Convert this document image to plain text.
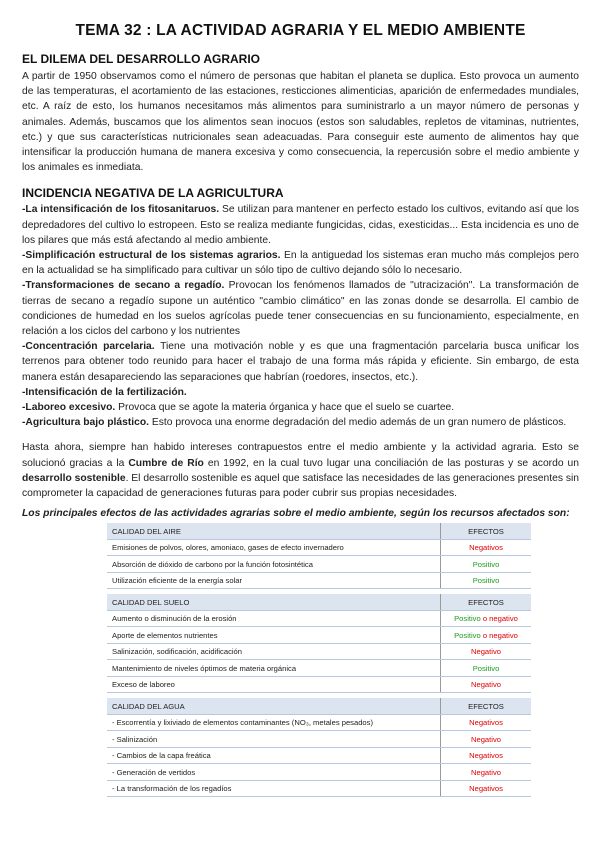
TEMA 32 : LA ACTIVIDAD AGRARIA Y EL MEDIO AMBIENTE
EL DILEMA DEL DESARROLLO AGRARIO

A partir de 1950 observamos como el número de personas que habitan el planeta se duplica. Esto provoca un aumento de las temperaturas, el acortamiento de las estaciones, resticciones alimenticias, aparición de enfermedades mundiales, etc. A raíz de esto, los humanos necesitamos más alimentos para suministrarlo a un mayor número de personas y animales. Además, buscamos que los alimentos sean inocuos (estos son saludables, repletos de vitaminas, nutrientes, etc.) y que sus características nutricionales sean adeacuadas. Para conseguir este aumento de alimentos hay que intensificar la producción humana de manera excesiva y como consecuencia, la repercusión sobre el medio ambiente y los animales es inmediata.

INCIDENCIA NEGATIVA DE LA AGRICULTURA

-La intensificación de los fitosanitaruos. Se utilizan para mantener en perfecto estado los cultivos, evitando así que los depredadores del cultivo lo estropeen. Esto se realiza mediante fungicidas, cidas, exesticidas... Esta incidencia es uno de los pilares que más está afectando al medio ambiente.

-Simplificación estructural de los sistemas agrarios. En la antiguedad los sistemas eran mucho más complejos pero en la actualidad se ha simplificado para cultivar un sólo tipo de cultivo dejando sólo lo necesario.

-Transformaciones de secano a regadío. Provocan los fenómenos llamados de "utracización". La transformación de tierras de secano a regadío supone un auténtico "cambio climático" en las zonas donde se desarrolla. El cambio de condiciones de humedad en los suelos agrícolas puede tener consecuencias en su funcionamiento, especialmente, en relación a los ciclos del carbono y los nutrientes

-Concentración parcelaria. Tiene una motivación noble y es que una fragmentación parcelaria busca unificar los terrenos para obtener todo reunido para hacer el trabajo de una forma más rápida y eficiente. Sin embargo, de esta manera están desapareciendo las separaciones que habrían (roedores, insectos, etc.).

-Intensificación de la fertilización.

-Laboreo excesivo. Provoca que se agote la materia órganica y hace que el suelo se cuartee.

-Agricultura bajo plástico. Esto provoca una enorme degradación del medio además de un gran numero de plásticos.

Hasta ahora, siempre han habido intereses contrapuestos entre el medio ambiente y la actividad agraria. Esto se solucionó gracias a la Cumbre de Río en 1992, en la cual tuvo lugar una conciliación de las posturas y se acordo un desarrollo sostenible. El desarrollo sostenible es aquel que satisface las necesidades de las generaciones presentes sin comprometer la capacidad de generaciones futuras para poder cubrir sus propias necesidades.

Los principales efectos de las actividades agrarias sobre el medio ambiente, según los recursos afectados son:

CALIDAD DEL AIRE	EFECTOS
Emisiones de polvos, olores, amoniaco, gases de efecto invernadero	Negativos
Absorción de dióxido de carbono por la función fotosintética	Positivo
Utilización eficiente de la energía solar	Positivo
CALIDAD DEL SUELO	EFECTOS
Aumento o disminución de la erosión	Positivo o negativo
Aporte de elementos nutrientes	Positivo o negativo
Salinización, sodificación, acidificación	Negativo
Mantenimiento de niveles óptimos de materia orgánica	Positivo
Exceso de laboreo	Negativo
CALIDAD DEL AGUA	EFECTOS
- Escorrentía y lixiviado de elementos contaminantes (NO₃, metales pesados)	Negativos
- Salinización	Negativo
- Cambios de la capa freática	Negativos
- Generación de vertidos	Negativo
- La transformación de los regadíos	Negativos
